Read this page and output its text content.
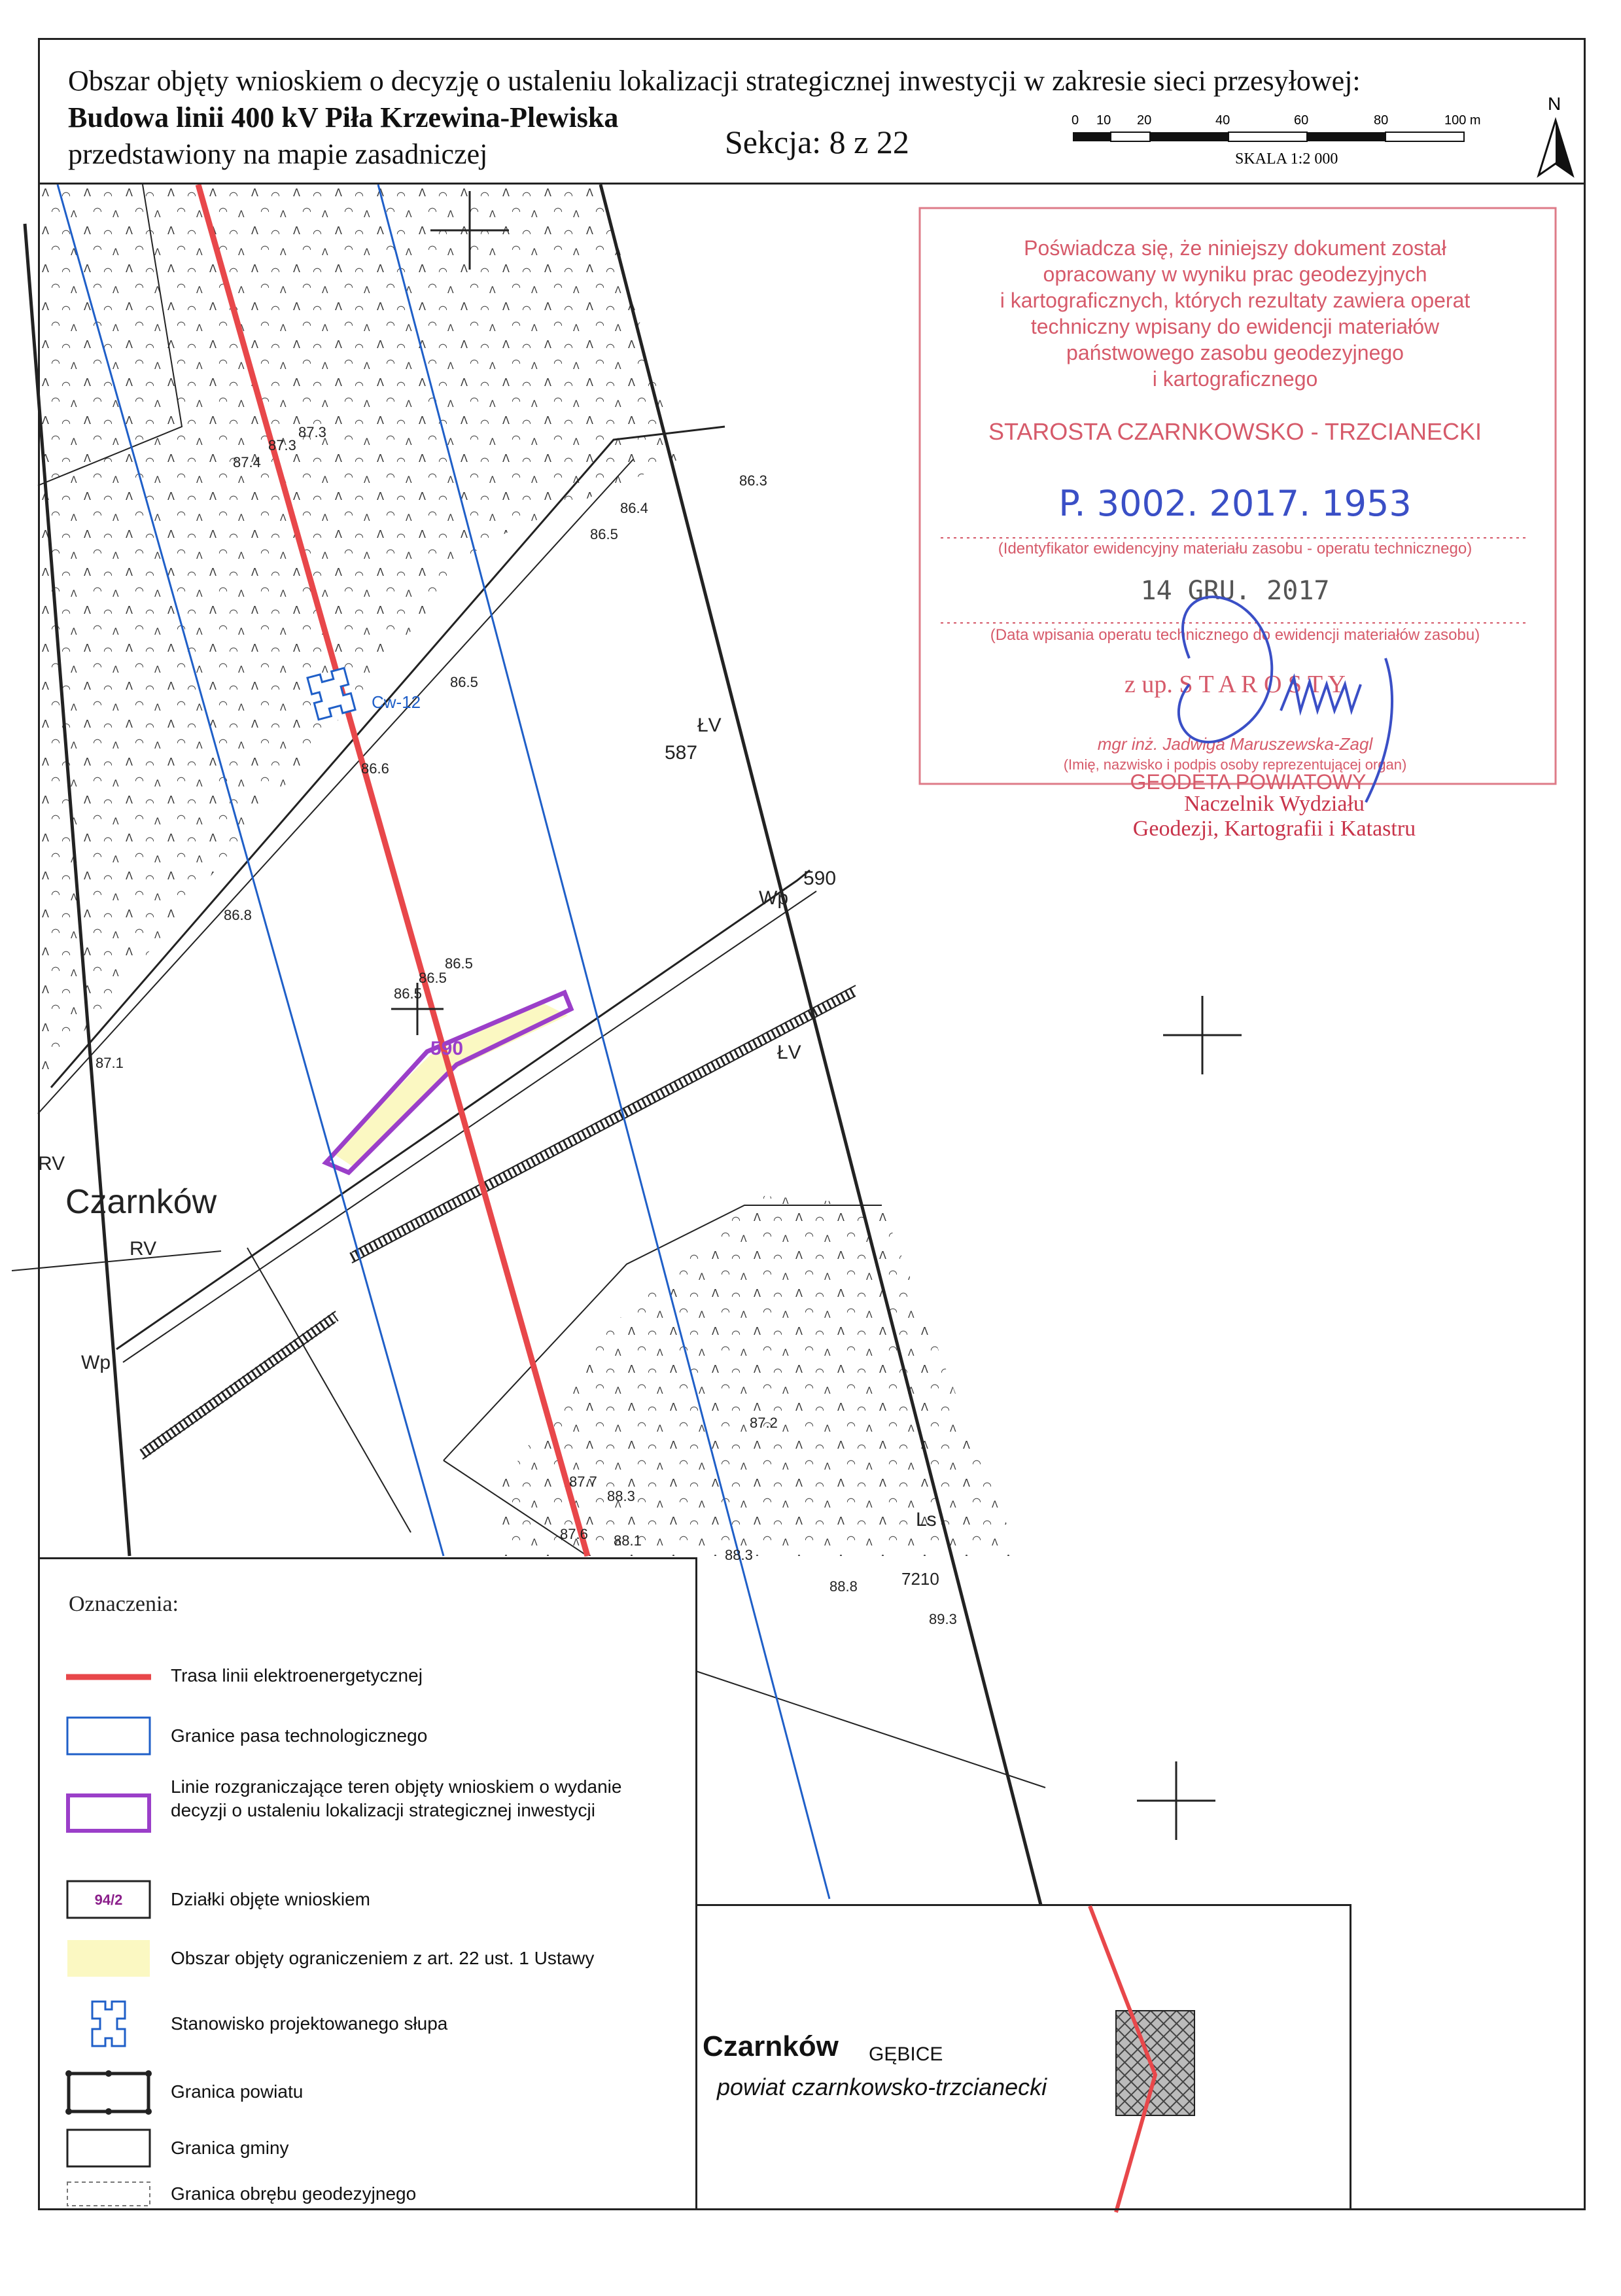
Czarnków
ŁV
587
590
590
Wp
Wp
RV
RV
ŁV
Ls
7210
Cw-12
87.3
87.3
87.4
86.3
86.4
86.5
86.5
86.6
86.8
86.5
86.5
86.5
87.1
87.2
87.7
88.3
87.6 88.1
88.3
88.8
89.3
Obszar objęty wnioskiem o decyzję o ustaleniu lokalizacji strategicznej inwestycji w zakresie sieci przesyłowej:
Budowa linii 400 kV Piła Krzewina-Plewiska
przedstawiony na mapie zasadniczej	Sekcja: 8 z 22
0 10 20	40	60	80	100 m
SKALA 1:2 000
N
Poświadcza się, że niniejszy dokument został
opracowany w wyniku prac geodezyjnych
i kartograficznych, których rezultaty zawiera operat
techniczny wpisany do ewidencji materiałów
państwowego zasobu geodezyjnego
i kartograficznego
STAROSTA CZARNKOWSKO - TRZCIANECKI
P. 3002. 2017. 1953
(Identyfikator ewidencyjny materiału zasobu - operatu technicznego)
14 GRU. 2017
(Data wpisania operatu technicznego do ewidencji materiałów zasobu)
z up. S T A R O S T Y
mgr inż. Jadwiga Maruszewska-Zagl
(Imię, nazwisko i podpis osoby reprezentującej organ)
GEODETA POWIATOWY
Naczelnik Wydziału
Geodezji, Kartografii i Katastru
Oznaczenia:
Trasa linii elektroenergetycznej
Granice pasa technologicznego
Linie rozgraniczające teren objęty wnioskiem o wydanie decyzji o ustaleniu lokalizacji strategicznej inwestycji
94/2	Działki objęte wnioskiem
Obszar objęty ograniczeniem z art. 22 ust. 1 Ustawy
Stanowisko projektowanego słupa
Granica powiatu
Granica gminy
Granica obrębu geodezyjnego
Czarnków GĘBICE
powiat czarnkowsko-trzcianecki
